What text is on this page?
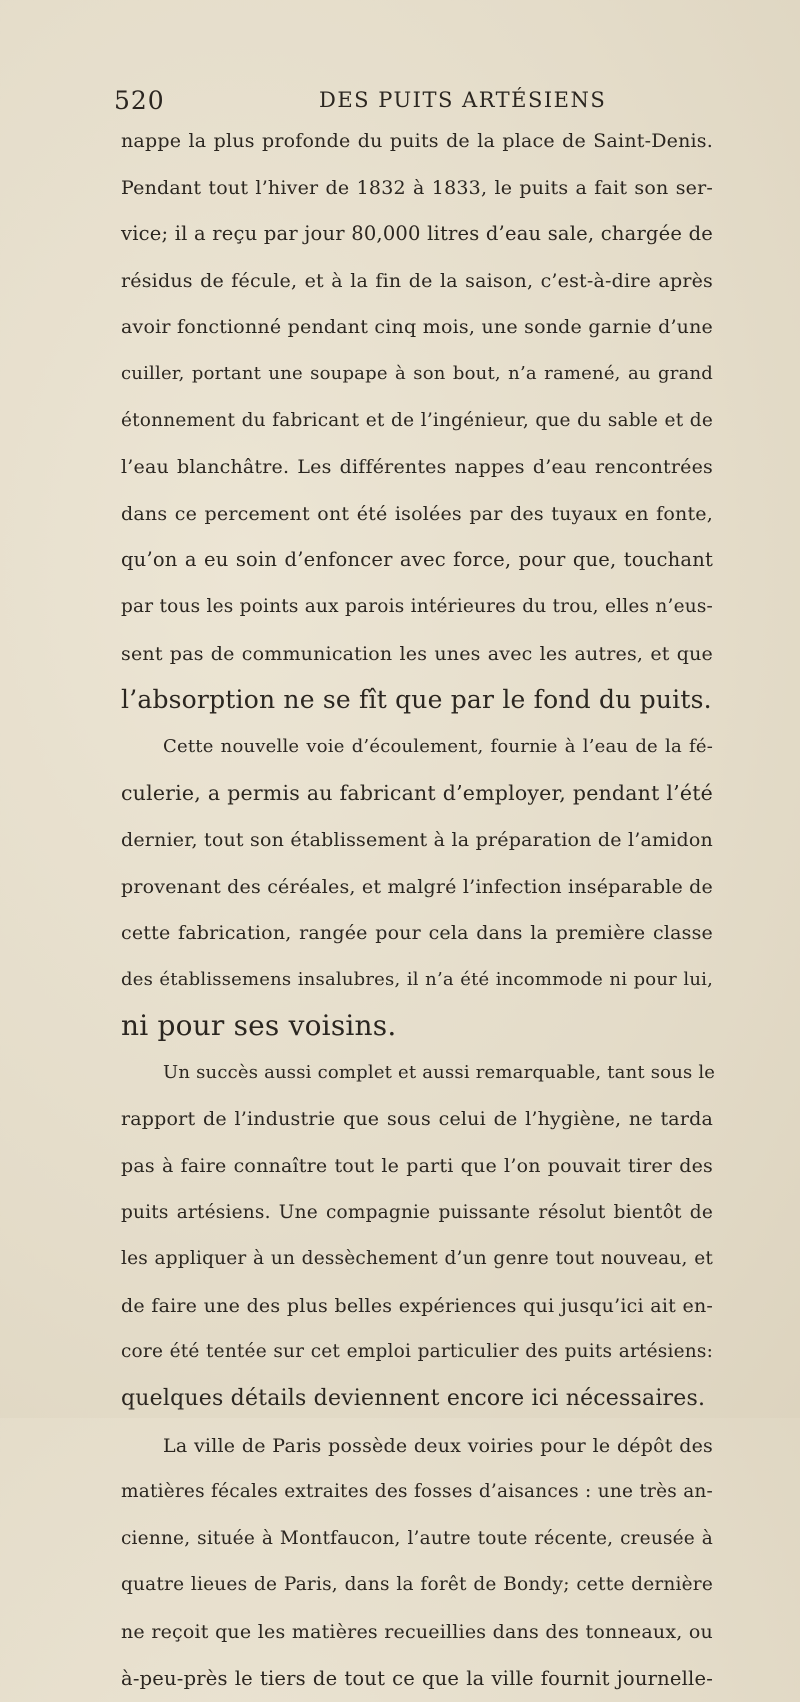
520	DES PUITS ARTÉSIENS
nappe la plus profonde du puits de la place de Saint-Denis.
Pendant tout l’hiver de 1832 à 1833, le puits a fait son ser-
vice; il a reçu par jour 80,000 litres d’eau sale, chargée de
résidus de fécule, et à la fin de la saison, c’est-à-dire après
avoir fonctionné pendant cinq mois, une sonde garnie d’une
cuiller, portant une soupape à son bout, n’a ramené, au grand
étonnement du fabricant et de l’ingénieur, que du sable et de
l’eau blanchâtre. Les différentes nappes d’eau rencontrées
dans ce percement ont été isolées par des tuyaux en fonte,
qu’on a eu soin d’enfoncer avec force, pour que, touchant
par tous les points aux parois intérieures du trou, elles n’eus-
sent pas de communication les unes avec les autres, et que
l’absorption ne se fît que par le fond du puits.
Cette nouvelle voie d’écoulement, fournie à l’eau de la fé-
culerie, a permis au fabricant d’employer, pendant l’été
dernier, tout son établissement à la préparation de l’amidon
provenant des céréales, et malgré l’infection inséparable de
cette fabrication, rangée pour cela dans la première classe
des établissemens insalubres, il n’a été incommode ni pour lui,
ni pour ses voisins.
Un succès aussi complet et aussi remarquable, tant sous le
rapport de l’industrie que sous celui de l’hygiène, ne tarda
pas à faire connaître tout le parti que l’on pouvait tirer des
puits artésiens. Une compagnie puissante résolut bientôt de
les appliquer à un dessèchement d’un genre tout nouveau, et
de faire une des plus belles expériences qui jusqu’ici ait en-
core été tentée sur cet emploi particulier des puits artésiens:
quelques détails deviennent encore ici nécessaires.
La ville de Paris possède deux voiries pour le dépôt des
matières fécales extraites des fosses d’aisances : une très an-
cienne, située à Montfaucon, l’autre toute récente, creusée à
quatre lieues de Paris, dans la forêt de Bondy; cette dernière
ne reçoit que les matières recueillies dans des tonneaux, ou
à-peu-près le tiers de tout ce que la ville fournit journelle-
